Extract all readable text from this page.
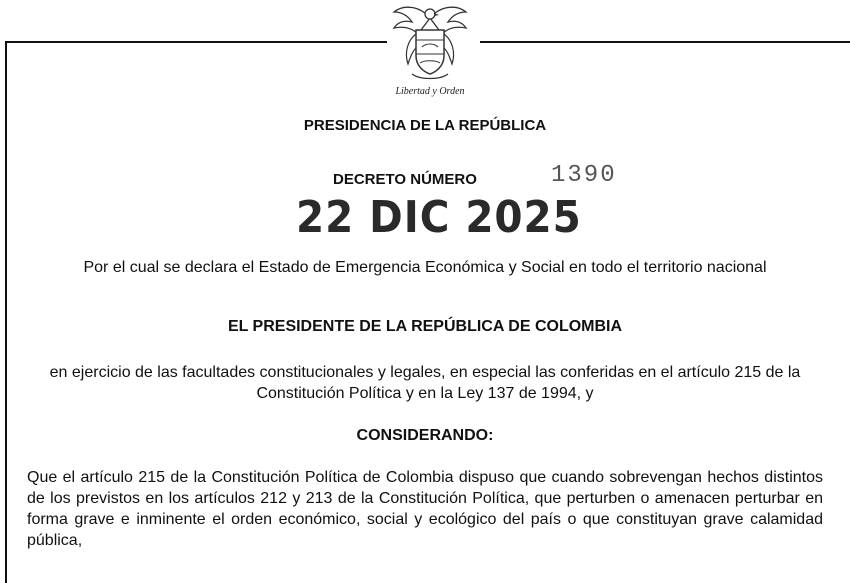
Libertad y Orden
PRESIDENCIA DE LA REPÚBLICA
DECRETO NÚMERO	1390
22 DIC 2025
Por el cual se declara el Estado de Emergencia Económica y Social en todo el territorio nacional
EL PRESIDENTE DE LA REPÚBLICA DE COLOMBIA
en ejercicio de las facultades constitucionales y legales, en especial las conferidas en el artículo 215 de la Constitución Política y en la Ley 137 de 1994, y
CONSIDERANDO:
Que el artículo 215 de la Constitución Política de Colombia dispuso que cuando sobrevengan hechos distintos de los previstos en los artículos 212 y 213 de la Constitución Política, que perturben o amenacen perturbar en forma grave e inminente el orden económico, social y ecológico del país o que constituyan grave calamidad pública,
